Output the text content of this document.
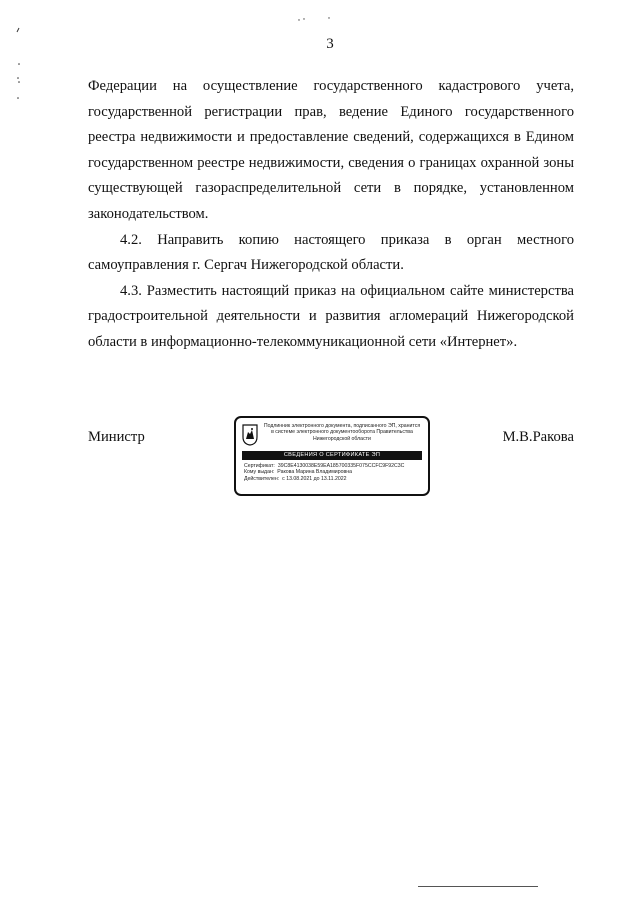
3

Федерации на осуществление государственного кадастрового учета, государственной регистрации прав, ведение Единого государственного реестра недвижимости и предоставление сведений, содержащихся в Едином государственном реестре недвижимости, сведения о границах охранной зоны существующей газораспределительной сети в порядке, установленном законодательством.

4.2. Направить копию настоящего приказа в орган местного самоуправления г. Сергач Нижегородской области.

4.3. Разместить настоящий приказ на официальном сайте министерства градостроительной деятельности и развития агломераций Нижегородской области в информационно-телекоммуникационной сети «Интернет».

Министр
Подлинник электронного документа, подписанного ЭП, хранится в системе электронного документооборота Правительства Нижегородской области
СВЕДЕНИЯ О СЕРТИФИКАТЕ ЭП
Сертификат: 39C8E4130038E59EA185700335F075CCFC9F92C3C
Кому выдан: Ракова Марина Владимировна
Действителен: с 13.08.2021 до 13.11.2022
М.В.Ракова
